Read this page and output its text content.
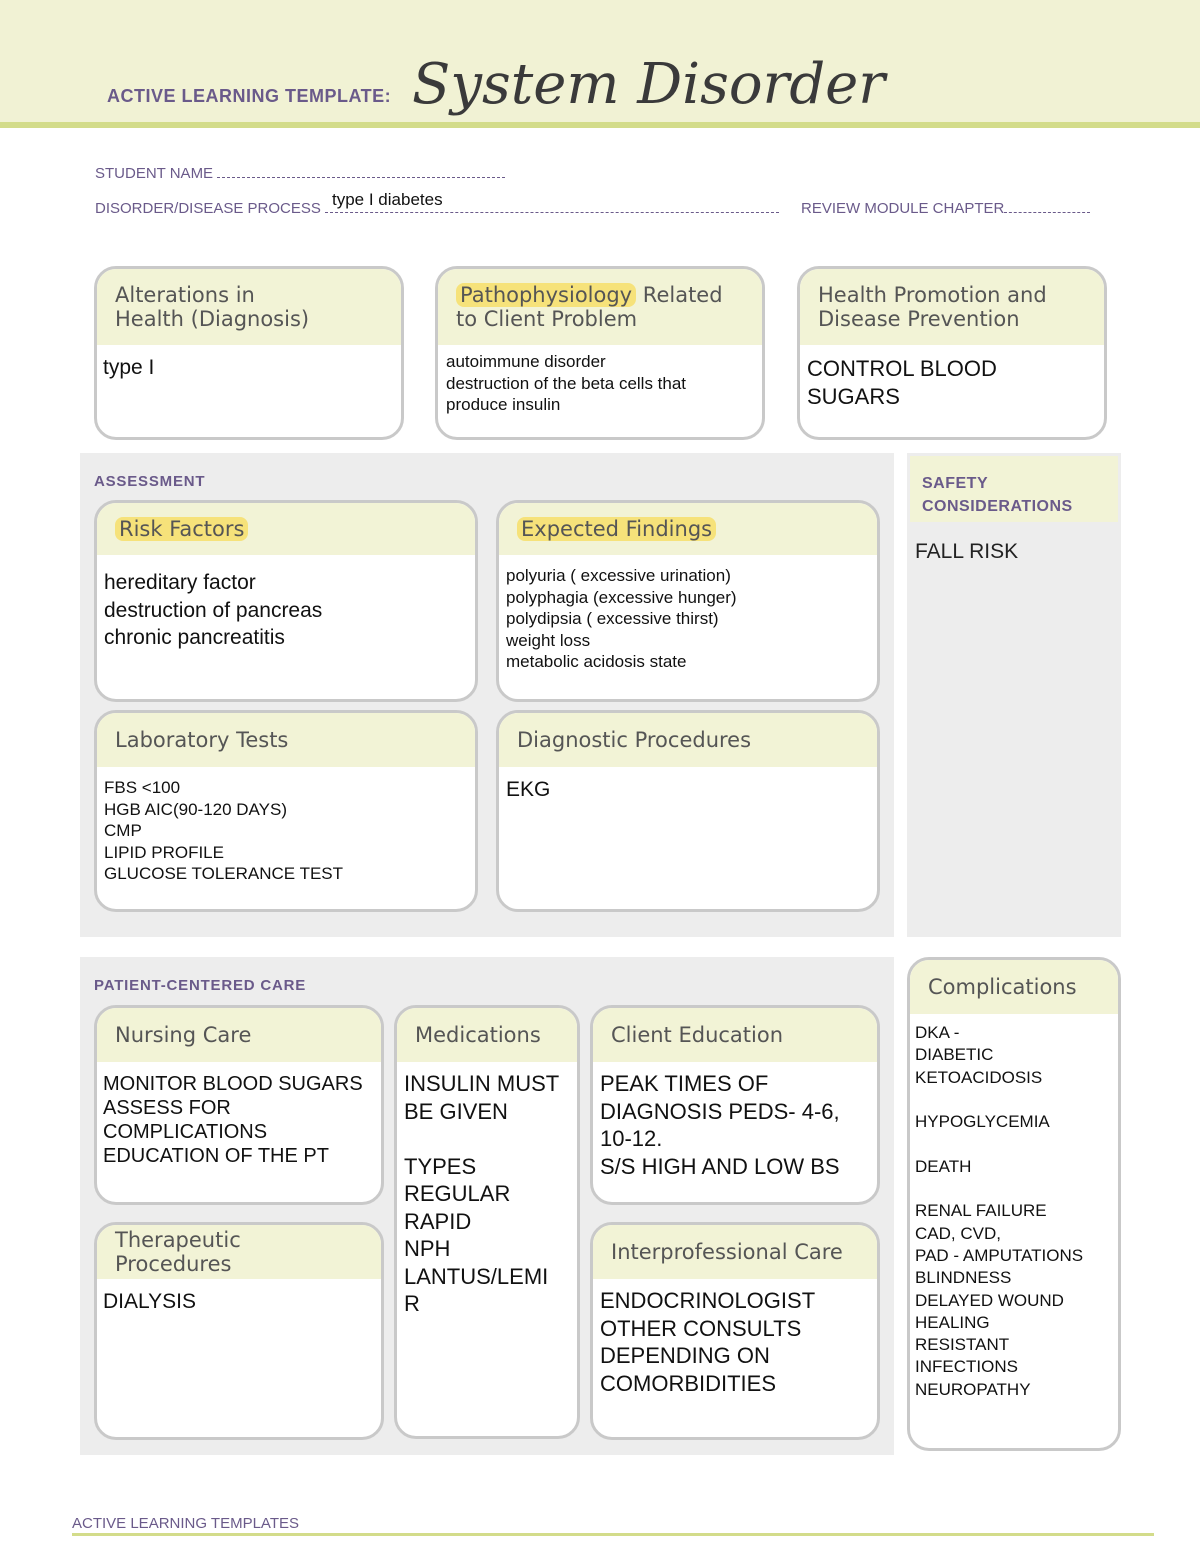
ACTIVE LEARNING TEMPLATE: System Disorder
STUDENT NAME
DISORDER/DISEASE PROCESS type I diabetes	REVIEW MODULE CHAPTER
Alterations in
Health (Diagnosis)
type I
Pathophysiology Related
to Client Problem
autoimmune disorder
destruction of the beta cells that
produce insulin
Health Promotion and
Disease Prevention
CONTROL BLOOD
SUGARS
ASSESSMENT
Risk Factors
hereditary factor
destruction of pancreas
chronic pancreatitis
Expected Findings
polyuria ( excessive urination)
polyphagia (excessive hunger)
polydipsia ( excessive thirst)
weight loss
metabolic acidosis state
Laboratory Tests
FBS <100
HGB AIC(90-120 DAYS)
CMP
LIPID PROFILE
GLUCOSE TOLERANCE TEST
Diagnostic Procedures
EKG
SAFETY CONSIDERATIONS
FALL RISK
PATIENT-CENTERED CARE
Nursing Care
MONITOR BLOOD SUGARS
ASSESS FOR
COMPLICATIONS
EDUCATION OF THE PT
Medications
INSULIN MUST
BE GIVEN

TYPES
REGULAR
RAPID
NPH
LANTUS/LEMI
R
Client Education
PEAK TIMES OF
DIAGNOSIS PEDS- 4-6,
10-12.
S/S HIGH AND LOW BS
Therapeutic Procedures
DIALYSIS
Interprofessional Care
ENDOCRINOLOGIST
OTHER CONSULTS
DEPENDING ON
COMORBIDITIES
Complications
DKA -
DIABETIC
KETOACIDOSIS

HYPOGLYCEMIA

DEATH

RENAL FAILURE
CAD, CVD,
PAD - AMPUTATIONS
BLINDNESS
DELAYED WOUND
HEALING
RESISTANT
INFECTIONS
NEUROPATHY
ACTIVE LEARNING TEMPLATES
